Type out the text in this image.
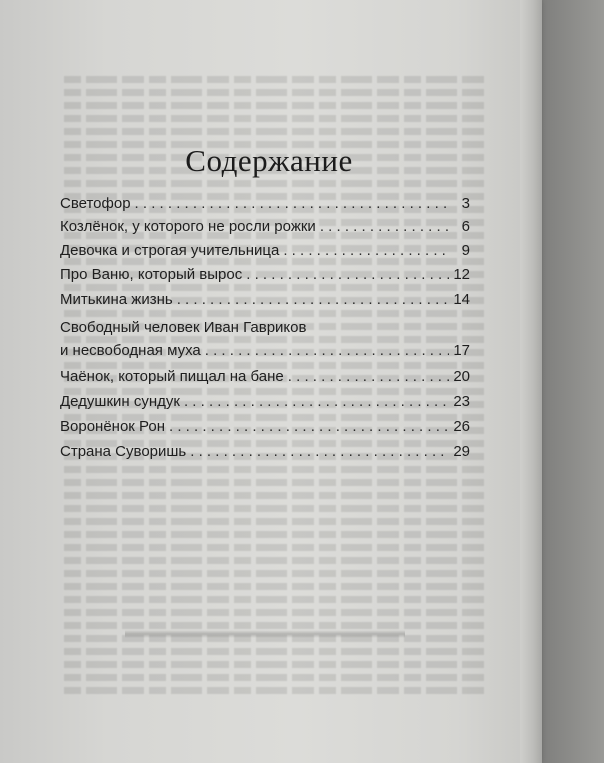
Содержание
Светофор . . .	3
Козлёнок, у которого не росли рожки . . .	6
Девочка и строгая учительница . . .	9
Про Ваню, который вырос . . .	12
Митькина жизнь . . .	14
Свободный человек Иван Гавриков
и несвободная муха . . .	17
Чаёнок, который пищал на бане . . .	20
Дедушкин сундук . . .	23
Воронёнок Рон . . .	26
Страна Суворишь . . .	29
